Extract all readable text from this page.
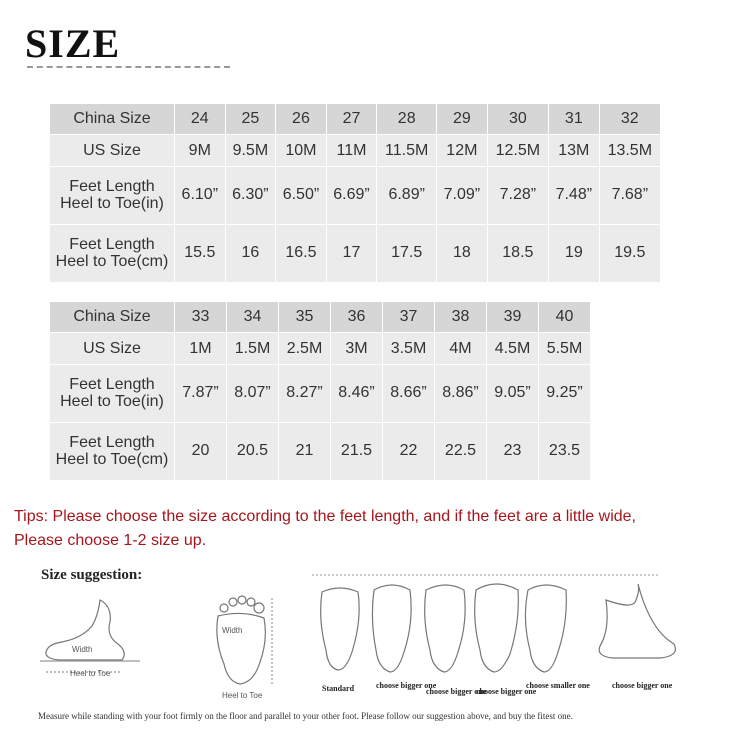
SIZE
China Size	24	25	26	27	28	29	30	31	32
US Size	9M	9.5M	10M	11M	11.5M	12M	12.5M	13M	13.5M
Feet Length
Heel to Toe(in)	6.10”	6.30”	6.50”	6.69”	6.89”	7.09”	7.28”	7.48”	7.68”
Feet Length
Heel to Toe(cm)	15.5	16	16.5	17	17.5	18	18.5	19	19.5
China Size	33	34	35	36	37	38	39	40
US Size	1M	1.5M	2.5M	3M	3.5M	4M	4.5M	5.5M
Feet Length
Heel to Toe(in)	7.87”	8.07”	8.27”	8.46”	8.66”	8.86”	9.05”	9.25”
Feet Length
Heel to Toe(cm)	20	20.5	21	21.5	22	22.5	23	23.5
Tips: Please choose the size according to the feet length, and if the feet are a little wide,
Please choose 1-2 size up.
Size suggestion:
Width
Heel to Toe
Width
Heel to Toe
Standard	choose bigger one
choose bigger one
choose bigger one
choose smaller one	choose bigger one
Measure while standing with your foot firmly on the floor and parallel to your other foot. Please follow our suggestion above, and buy the fitest one.
